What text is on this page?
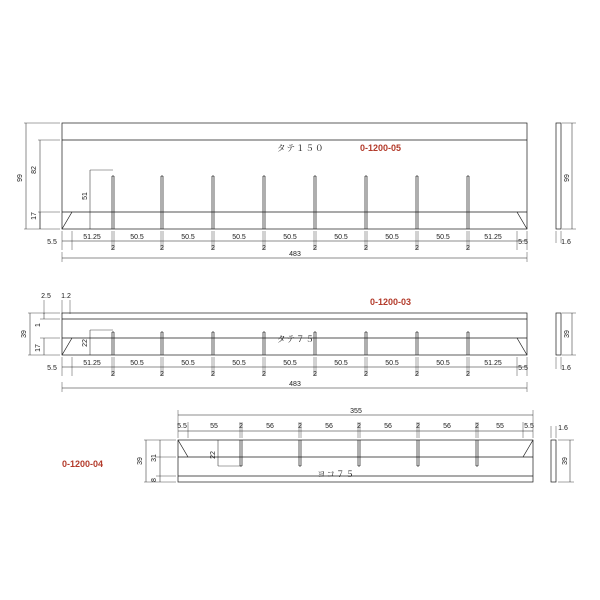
タテ１５０	0-1200-05
99
82
17
51
5.5
51.25
2
50.5
2
50.5
2
50.5
2
50.5
2
50.5
2
50.5
2
50.5
2
51.25
5.5
483
99
1.6
タテ７５
0-1200-03
2.5 1.2
39
1
17
22
5.5
51.25
2
50.5
2
50.5
2
50.5
2
50.5
2
50.5
2
50.5
2
50.5
2
51.25
5.5
483
39
1.6
ヨコ７５
0-1200-04
355
5.5	55	2	56	2	56	2	56	2	56	2 55	5.5
39 31
8
22
39
1.6
